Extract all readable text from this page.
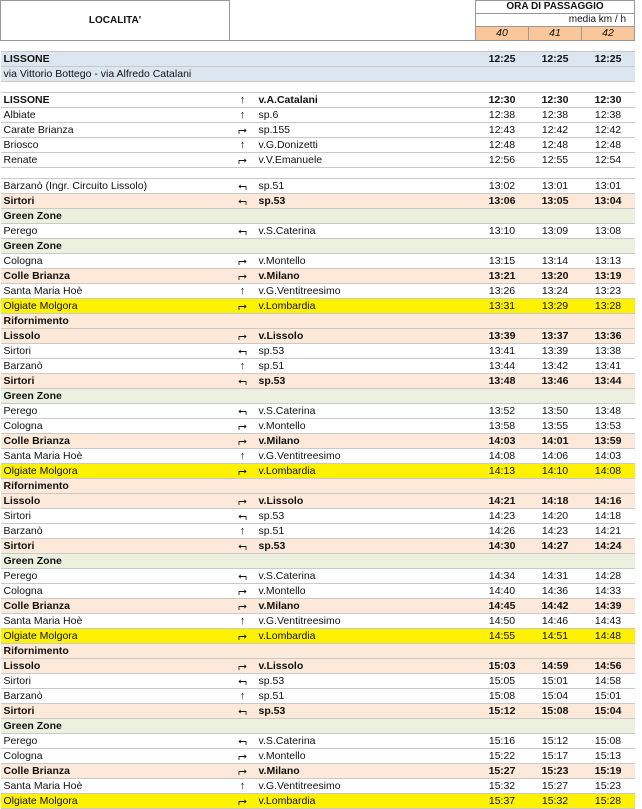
LOCALITA'			ORA DI PASSAGGIO		
			media km / h		
			40	41	42

LISSONE			12:25	12:25	12:25
via Vittorio Bottego - via Alfredo Catalani					

LISSONE	↑	v.A.Catalani	12:30	12:30	12:30
Albiate	↑	sp.6	12:38	12:38	12:38
Carate Brianza	⮣	sp.155	12:43	12:42	12:42
Briosco	↑	v.G.Donizetti	12:48	12:48	12:48
Renate	⮣	v.V.Emanuele	12:56	12:55	12:54

Barzanò (Ingr. Circuito Lissolo)	⮢	sp.51	13:02	13:01	13:01
Sirtori	⮢	sp.53	13:06	13:05	13:04
Green Zone					
Perego	⮢	v.S.Caterina	13:10	13:09	13:08
Green Zone					
Cologna	⮣	v.Montello	13:15	13:14	13:13
Colle Brianza	⮣	v.Milano	13:21	13:20	13:19
Santa Maria Hoè	↑	v.G.Ventitreesimo	13:26	13:24	13:23
Olgiate Molgora	⮣	v.Lombardia	13:31	13:29	13:28
Rifornimento					
Lissolo	⮣	v.Lissolo	13:39	13:37	13:36
Sirtori	⮢	sp.53	13:41	13:39	13:38
Barzanò	↑	sp.51	13:44	13:42	13:41
Sirtori	⮢	sp.53	13:48	13:46	13:44
Green Zone					
Perego	⮢	v.S.Caterina	13:52	13:50	13:48
Cologna	⮣	v.Montello	13:58	13:55	13:53
Colle Brianza	⮣	v.Milano	14:03	14:01	13:59
Santa Maria Hoè	↑	v.G.Ventitreesimo	14:08	14:06	14:03
Olgiate Molgora	⮣	v.Lombardia	14:13	14:10	14:08
Rifornimento					
Lissolo	⮣	v.Lissolo	14:21	14:18	14:16
Sirtori	⮢	sp.53	14:23	14:20	14:18
Barzanò	↑	sp.51	14:26	14:23	14:21
Sirtori	⮢	sp.53	14:30	14:27	14:24
Green Zone					
Perego	⮢	v.S.Caterina	14:34	14:31	14:28
Cologna	⮣	v.Montello	14:40	14:36	14:33
Colle Brianza	⮣	v.Milano	14:45	14:42	14:39
Santa Maria Hoè	↑	v.G.Ventitreesimo	14:50	14:46	14:43
Olgiate Molgora	⮣	v.Lombardia	14:55	14:51	14:48
Rifornimento					
Lissolo	⮣	v.Lissolo	15:03	14:59	14:56
Sirtori	⮢	sp.53	15:05	15:01	14:58
Barzanò	↑	sp.51	15:08	15:04	15:01
Sirtori	⮢	sp.53	15:12	15:08	15:04
Green Zone					
Perego	⮢	v.S.Caterina	15:16	15:12	15:08
Cologna	⮣	v.Montello	15:22	15:17	15:13
Colle Brianza	⮣	v.Milano	15:27	15:23	15:19
Santa Maria Hoè	↑	v.G.Ventitreesimo	15:32	15:27	15:23
Olgiate Molgora	⮣	v.Lombardia	15:37	15:32	15:28
